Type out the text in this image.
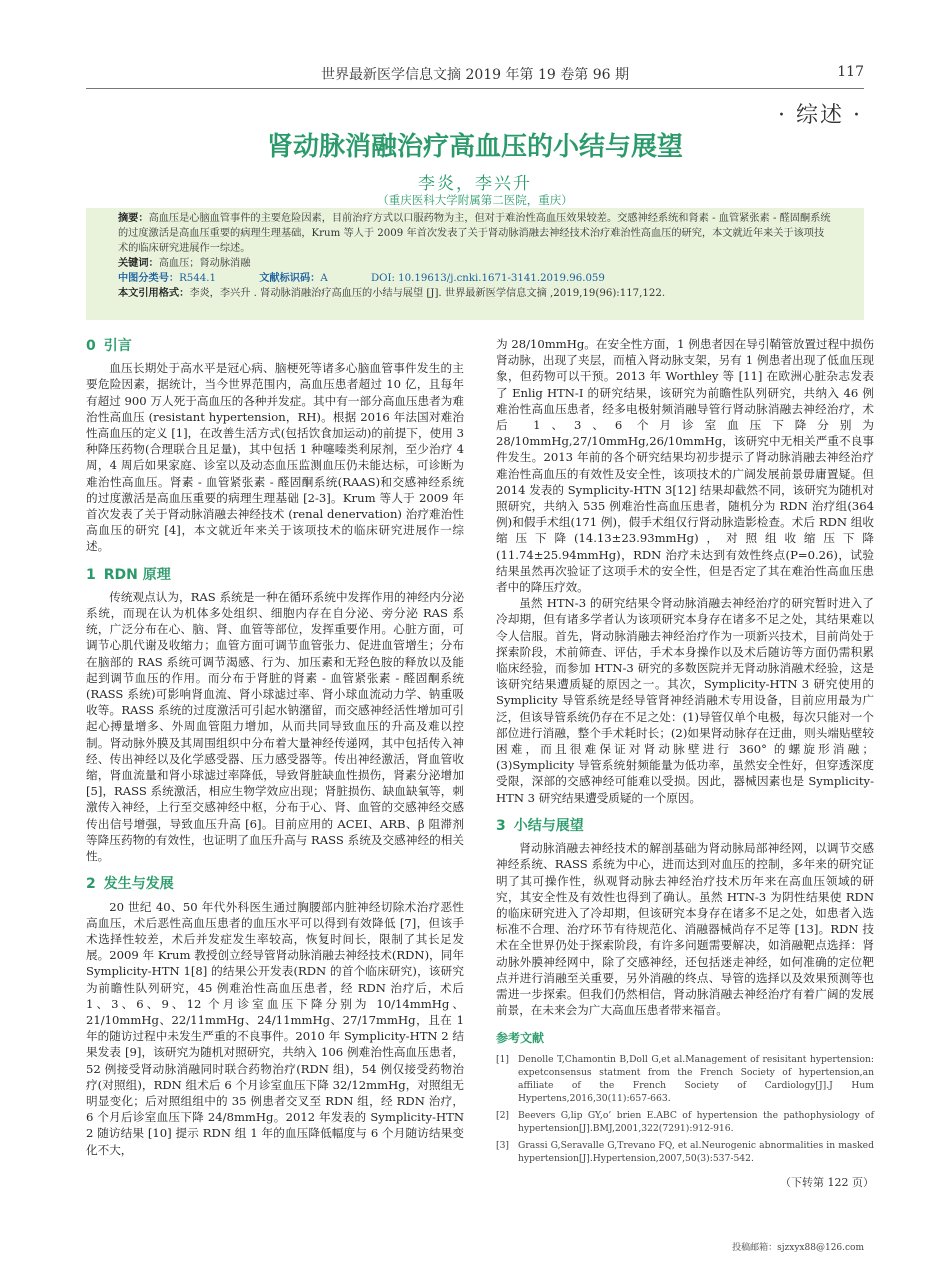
世界最新医学信息文摘 2019 年第 19 卷第 96 期	117
· 综述 ·
肾动脉消融治疗高血压的小结与展望
李炎，李兴升
（重庆医科大学附属第二医院，重庆）

摘要：高血压是心脑血管事件的主要危险因素，目前治疗方式以口服药物为主，但对于难治性高血压效果较差。交感神经系统和肾素 - 血管紧张素 - 醛固酮系统的过度激活是高血压重要的病理生理基础，Krum 等人于 2009 年首次发表了关于肾动脉消融去神经技术治疗难治性高血压的研究，本文就近年来关于该项技术的临床研究进展作一综述。

关键词：高血压；肾动脉消融

中图分类号：R544.1	文献标识码：A	DOI: 10.19613/j.cnki.1671-3141.2019.96.059

本文引用格式：李炎，李兴升 . 肾动脉消融治疗高血压的小结与展望 [J]. 世界最新医学信息文摘 ,2019,19(96):117,122.

0 引言

血压长期处于高水平是冠心病、脑梗死等诸多心脑血管事件发生的主要危险因素，据统计，当今世界范围内，高血压患者超过 10 亿，且每年有超过 900 万人死于高血压的各种并发症。其中有一部分高血压患者为难治性高血压 (resistant hypertension，RH)。根据 2016 年法国对难治性高血压的定义 [1]，在改善生活方式(包括饮食加运动)的前提下，使用 3 种降压药物(合理联合且足量)，其中包括 1 种噻嗪类利尿剂，至少治疗 4 周，4 周后如果家庭、诊室以及动态血压监测血压仍未能达标，可诊断为难治性高血压。肾素 - 血管紧张素 - 醛固酮系统(RAAS)和交感神经系统的过度激活是高血压重要的病理生理基础 [2-3]。Krum 等人于 2009 年首次发表了关于肾动脉消融去神经技术 (renal denervation) 治疗难治性高血压的研究 [4]，本文就近年来关于该项技术的临床研究进展作一综述。

1 RDN 原理

传统观点认为，RAS 系统是一种在循环系统中发挥作用的神经内分泌系统，而现在认为机体多处组织、细胞内存在自分泌、旁分泌 RAS 系统，广泛分布在心、脑、肾、血管等部位，发挥重要作用。心脏方面，可调节心肌代谢及收缩力；血管方面可调节血管张力、促进血管增生；分布在脑部的 RAS 系统可调节渴感、行为、加压素和无羟色胺的释放以及能起到调节血压的作用。而分布于肾脏的肾素 - 血管紧张素 - 醛固酮系统(RASS 系统)可影响肾血流、肾小球滤过率、肾小球血流动力学、钠重吸收等。RASS 系统的过度激活可引起水钠潴留，而交感神经活性增加可引起心搏量增多、外周血管阻力增加，从而共同导致血压的升高及难以控制。肾动脉外膜及其周围组织中分布着大量神经传递网，其中包括传入神经、传出神经以及化学感受器、压力感受器等。传出神经激活，肾血管收缩，肾血流量和肾小球滤过率降低，导致肾脏缺血性损伤，肾素分泌增加 [5]，RASS 系统激活，相应生物学效应出现；肾脏损伤、缺血缺氧等，刺激传入神经，上行至交感神经中枢，分布于心、肾、血管的交感神经交感传出信号增强，导致血压升高 [6]。目前应用的 ACEI、ARB、β 阻滞剂等降压药物的有效性，也证明了血压升高与 RASS 系统及交感神经的相关性。

2 发生与发展

20 世纪 40、50 年代外科医生通过胸腰部内脏神经切除术治疗恶性高血压，术后恶性高血压患者的血压水平可以得到有效降低 [7]，但该手术选择性较差，术后并发症发生率较高，恢复时间长，限制了其长足发展。2009 年 Krum 教授创立经导管肾动脉消融去神经技术(RDN)，同年 Symplicity-HTN 1[8] 的结果公开发表(RDN 的首个临床研究)，该研究为前瞻性队列研究，45 例难治性高血压患者，经 RDN 治疗后，术后 1、3、6、9、12 个月诊室血压下降分别为 10/14mmHg、21/10mmHg、22/11mmHg、24/11mmHg、27/17mmHg，且在 1 年的随访过程中未发生严重的不良事件。2010 年 Symplicity-HTN 2 结果发表 [9]，该研究为随机对照研究，共纳入 106 例难治性高血压患者，52 例接受肾动脉消融同时联合药物治疗(RDN 组)，54 例仅接受药物治疗(对照组)，RDN 组术后 6 个月诊室血压下降 32/12mmHg，对照组无明显变化；后对照组组中的 35 例患者交叉至 RDN 组，经 RDN 治疗，6 个月后诊室血压下降 24/8mmHg。2012 年发表的 Symplicity-HTN 2 随访结果 [10] 提示 RDN 组 1 年的血压降低幅度与 6 个月随访结果变化不大，

为 28/10mmHg。在安全性方面，1 例患者因在导引鞘管放置过程中损伤肾动脉，出现了夹层，而植入肾动脉支架，另有 1 例患者出现了低血压现象，但药物可以干预。2013 年 Worthley 等 [11] 在欧洲心脏杂志发表了 Enlig HTN-I 的研究结果，该研究为前瞻性队列研究，共纳入 46 例难治性高血压患者，经多电极射频消融导管行肾动脉消融去神经治疗，术后 1、3、6 个月诊室血压下降分别为 28/10mmHg,27/10mmHg,26/10mmHg，该研究中无相关严重不良事件发生。2013 年前的各个研究结果均初步提示了肾动脉消融去神经治疗难治性高血压的有效性及安全性，该项技术的广阔发展前景毋庸置疑。但 2014 发表的 Symplicity-HTN 3[12] 结果却截然不同，该研究为随机对照研究，共纳入 535 例难治性高血压患者，随机分为 RDN 治疗组(364 例)和假手术组(171 例)，假手术组仅行肾动脉造影检查。术后 RDN 组收缩压下降(14.13±23.93mmHg)，对照组收缩压下降(11.74±25.94mmHg)，RDN 治疗未达到有效性终点(P=0.26)，试验结果虽然再次验证了这项手术的安全性，但是否定了其在难治性高血压患者中的降压疗效。

虽然 HTN-3 的研究结果令肾动脉消融去神经治疗的研究暂时进入了冷却期，但有诸多学者认为该项研究本身存在诸多不足之处，其结果难以令人信服。首先，肾动脉消融去神经治疗作为一项新兴技术，目前尚处于探索阶段，术前筛查、评估，手术本身操作以及术后随访等方面仍需积累临床经验，而参加 HTN-3 研究的多数医院并无肾动脉消融术经验，这是该研究结果遭质疑的原因之一。其次，Symplicity-HTN 3 研究使用的 Symplicity 导管系统是经导管肾神经消融术专用设备，目前应用最为广泛，但该导管系统仍存在不足之处：(1)导管仅单个电极，每次只能对一个部位进行消融，整个手术耗时长；(2)如果肾动脉存在迂曲，则头端贴壁较困难，而且很难保证对肾动脉壁进行 360° 的螺旋形消融；(3)Symplicity 导管系统射频能量为低功率，虽然安全性好，但穿透深度受限，深部的交感神经可能难以受损。因此，器械因素也是 Symplicity-HTN 3 研究结果遭受质疑的一个原因。

3 小结与展望

肾动脉消融去神经技术的解剖基础为肾动脉局部神经网，以调节交感神经系统、RASS 系统为中心，进而达到对血压的控制，多年来的研究证明了其可操作性，纵观肾动脉去神经治疗技术历年来在高血压领域的研究，其安全性及有效性也得到了确认。虽然 HTN-3 为阴性结果使 RDN 的临床研究进入了冷却期，但该研究本身存在诸多不足之处，如患者入选标准不合理、治疗环节有待规范化、消融器械尚存不足等 [13]。RDN 技术在全世界仍处于探索阶段，有许多问题需要解决，如消融靶点选择：肾动脉外膜神经网中，除了交感神经，还包括迷走神经，如何准确的定位靶点并进行消融至关重要，另外消融的终点、导管的选择以及效果预测等也需进一步探索。但我们仍然相信，肾动脉消融去神经治疗有着广阔的发展前景，在未来会为广大高血压患者带来福音。

参考文献
[1] Denolle T,Chamontin B,Doll G,et al.Management of resisitant hypertension: expetconsensus statment from the French Society of hypertension,an affiliate of the French Society of Cardiology[J].J Hum Hypertens,2016,30(11):657-663.
[2] Beevers G,lip GY,o’ brien E.ABC of hypertension the pathophysiology of hypertension[J].BMJ,2001,322(7291):912-916.
[3] Grassi G,Seravalle G,Trevano FQ, et al.Neurogenic abnormalities in masked hypertension[J].Hypertension,2007,50(3):537-542.
（下转第 122 页）
投稿邮箱：sjzxyx88@126.com
